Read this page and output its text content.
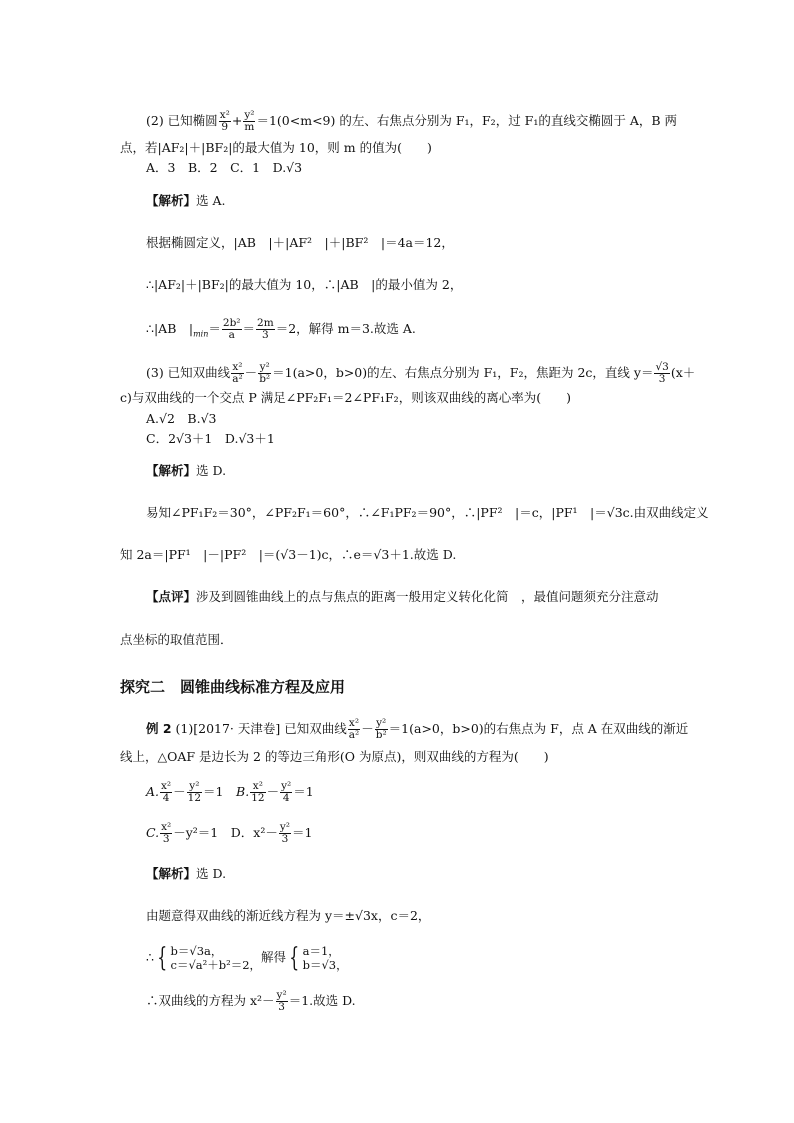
(2) 已知椭圆 $\frac{\text{x²}}{9} + \frac{\text{y²}}{m} =1(0<m<9)$ 的左、右焦点分别为 F₁，F₂，过 F₁的直线交椭圆于 A，B 两
点，若|AF₂|＋|BF₂|的最大值为 10，则 m 的值为(　　)
A．3　B．2　C．1　D.√3
【解析】选 A.
根据椭圆定义，|AB　|＋|AF²　|＋|BF²　|＝4a＝12，
∴|AF₂|＋|BF₂|的最大值为 10，∴|AB　|的最小值为 2，
∴|AB　$|_{min}= \frac{\text{2b²}}{a} = \frac{2m}{3} =2$，解得 m＝3.故选 A.
(3) 已知双曲线 $\frac{\text{x²}}{\text{a²}} - \frac{\text{y²}}{\text{b²}} =1(a>0$，b>0)的左、右焦点分别为 F₁，F₂，焦距为 2c，直线 $y= \frac{√3}{3} (x+$
c)与双曲线的一个交点 P 满足∠PF₂F₁＝2∠PF₁F₂，则该双曲线的离心率为(　　)
A.√2　B.√3
C．2√3＋1　D.√3＋1
【解析】选 D.
易知∠PF₁F₂＝30°，∠PF₂F₁＝60°，∴∠F₁PF₂＝90°，∴|PF²　|＝c，|PF¹　|＝√3c.由双曲线定义
知 2a＝|PF¹　|－|PF²　|＝(√3－1)c，∴e＝√3＋1.故选 D.
【点评】涉及到圆锥曲线上的点与焦点的距离一般用定义转化化简　，最值问题须充分注意动
点坐标的取值范围．
探究二　圆锥曲线标准方程及应用
例 2 (1)[2017· 天津卷] 已知双曲线 $\frac{\text{x²}}{\text{a²}} - \frac{\text{y²}}{\text{b²}} =1(a>0$，b>0)的右焦点为 F，点 A 在双曲线的渐近
线上，△OAF 是边长为 2 的等边三角形(O 为原点)，则双曲线的方程为(　　)
A. $\frac{\text{x²}}{4} - \frac{\text{y²}}{12} =1$　 B. $\frac{\text{x²}}{12} - \frac{\text{y²}}{4} =1$
C. $\frac{\text{x²}}{3} -y^2=1$　 D．$x^2- \frac{\text{y²}}{3} =1$
【解析】选 D.
由题意得双曲线的渐近线方程为 y＝±√3x，c＝2，
∴ { b＝√3a，
c＝√a²＋b²＝2，
解得 { a＝1，
b＝√3，
∴双曲线的方程为 $x^2- \frac{\text{y²}}{3} =1$.故选 D.
